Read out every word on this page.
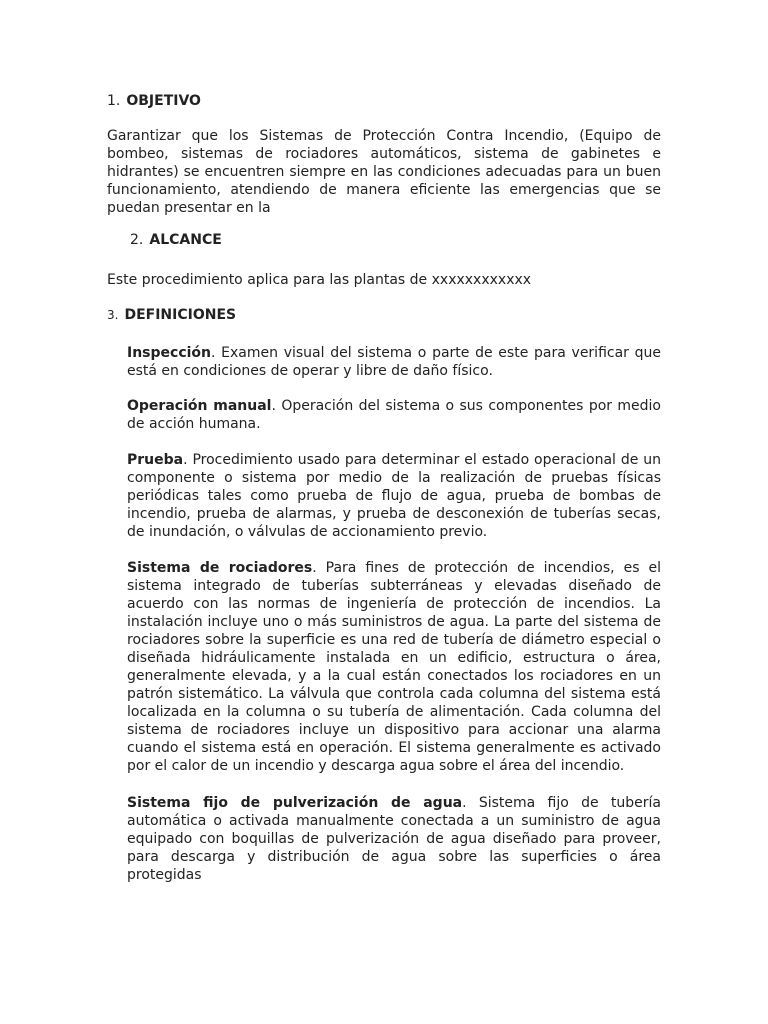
1. OBJETIVO
Garantizar que los Sistemas de Protección Contra Incendio, (Equipo de bombeo, sistemas de rociadores automáticos, sistema de gabinetes e hidrantes) se encuentren siempre en las condiciones adecuadas para un buen funcionamiento, atendiendo de manera eficiente las emergencias que se puedan presentar en la
2. ALCANCE
Este procedimiento aplica para las plantas de xxxxxxxxxxxx
3. DEFINICIONES
Inspección. Examen visual del sistema o parte de este para verificar que está en condiciones de operar y libre de daño físico.
Operación manual. Operación del sistema o sus componentes por medio de acción humana.
Prueba. Procedimiento usado para determinar el estado operacional de un componente o sistema por medio de la realización de pruebas físicas periódicas tales como prueba de flujo de agua, prueba de bombas de incendio, prueba de alarmas, y prueba de desconexión de tuberías secas, de inundación, o válvulas de accionamiento previo.
Sistema de rociadores. Para fines de protección de incendios, es el sistema integrado de tuberías subterráneas y elevadas diseñado de acuerdo con las normas de ingeniería de protección de incendios. La instalación incluye uno o más suministros de agua. La parte del sistema de rociadores sobre la superficie es una red de tubería de diámetro especial o diseñada hidráulicamente instalada en un edificio, estructura o área, generalmente elevada, y a la cual están conectados los rociadores en un patrón sistemático. La válvula que controla cada columna del sistema está localizada en la columna o su tubería de alimentación. Cada columna del sistema de rociadores incluye un dispositivo para accionar una alarma cuando el sistema está en operación. El sistema generalmente es activado por el calor de un incendio y descarga agua sobre el área del incendio.
Sistema fijo de pulverización de agua. Sistema fijo de tubería automática o activada manualmente conectada a un suministro de agua equipado con boquillas de pulverización de agua diseñado para proveer, para descarga y distribución de agua sobre las superficies o área protegidas
